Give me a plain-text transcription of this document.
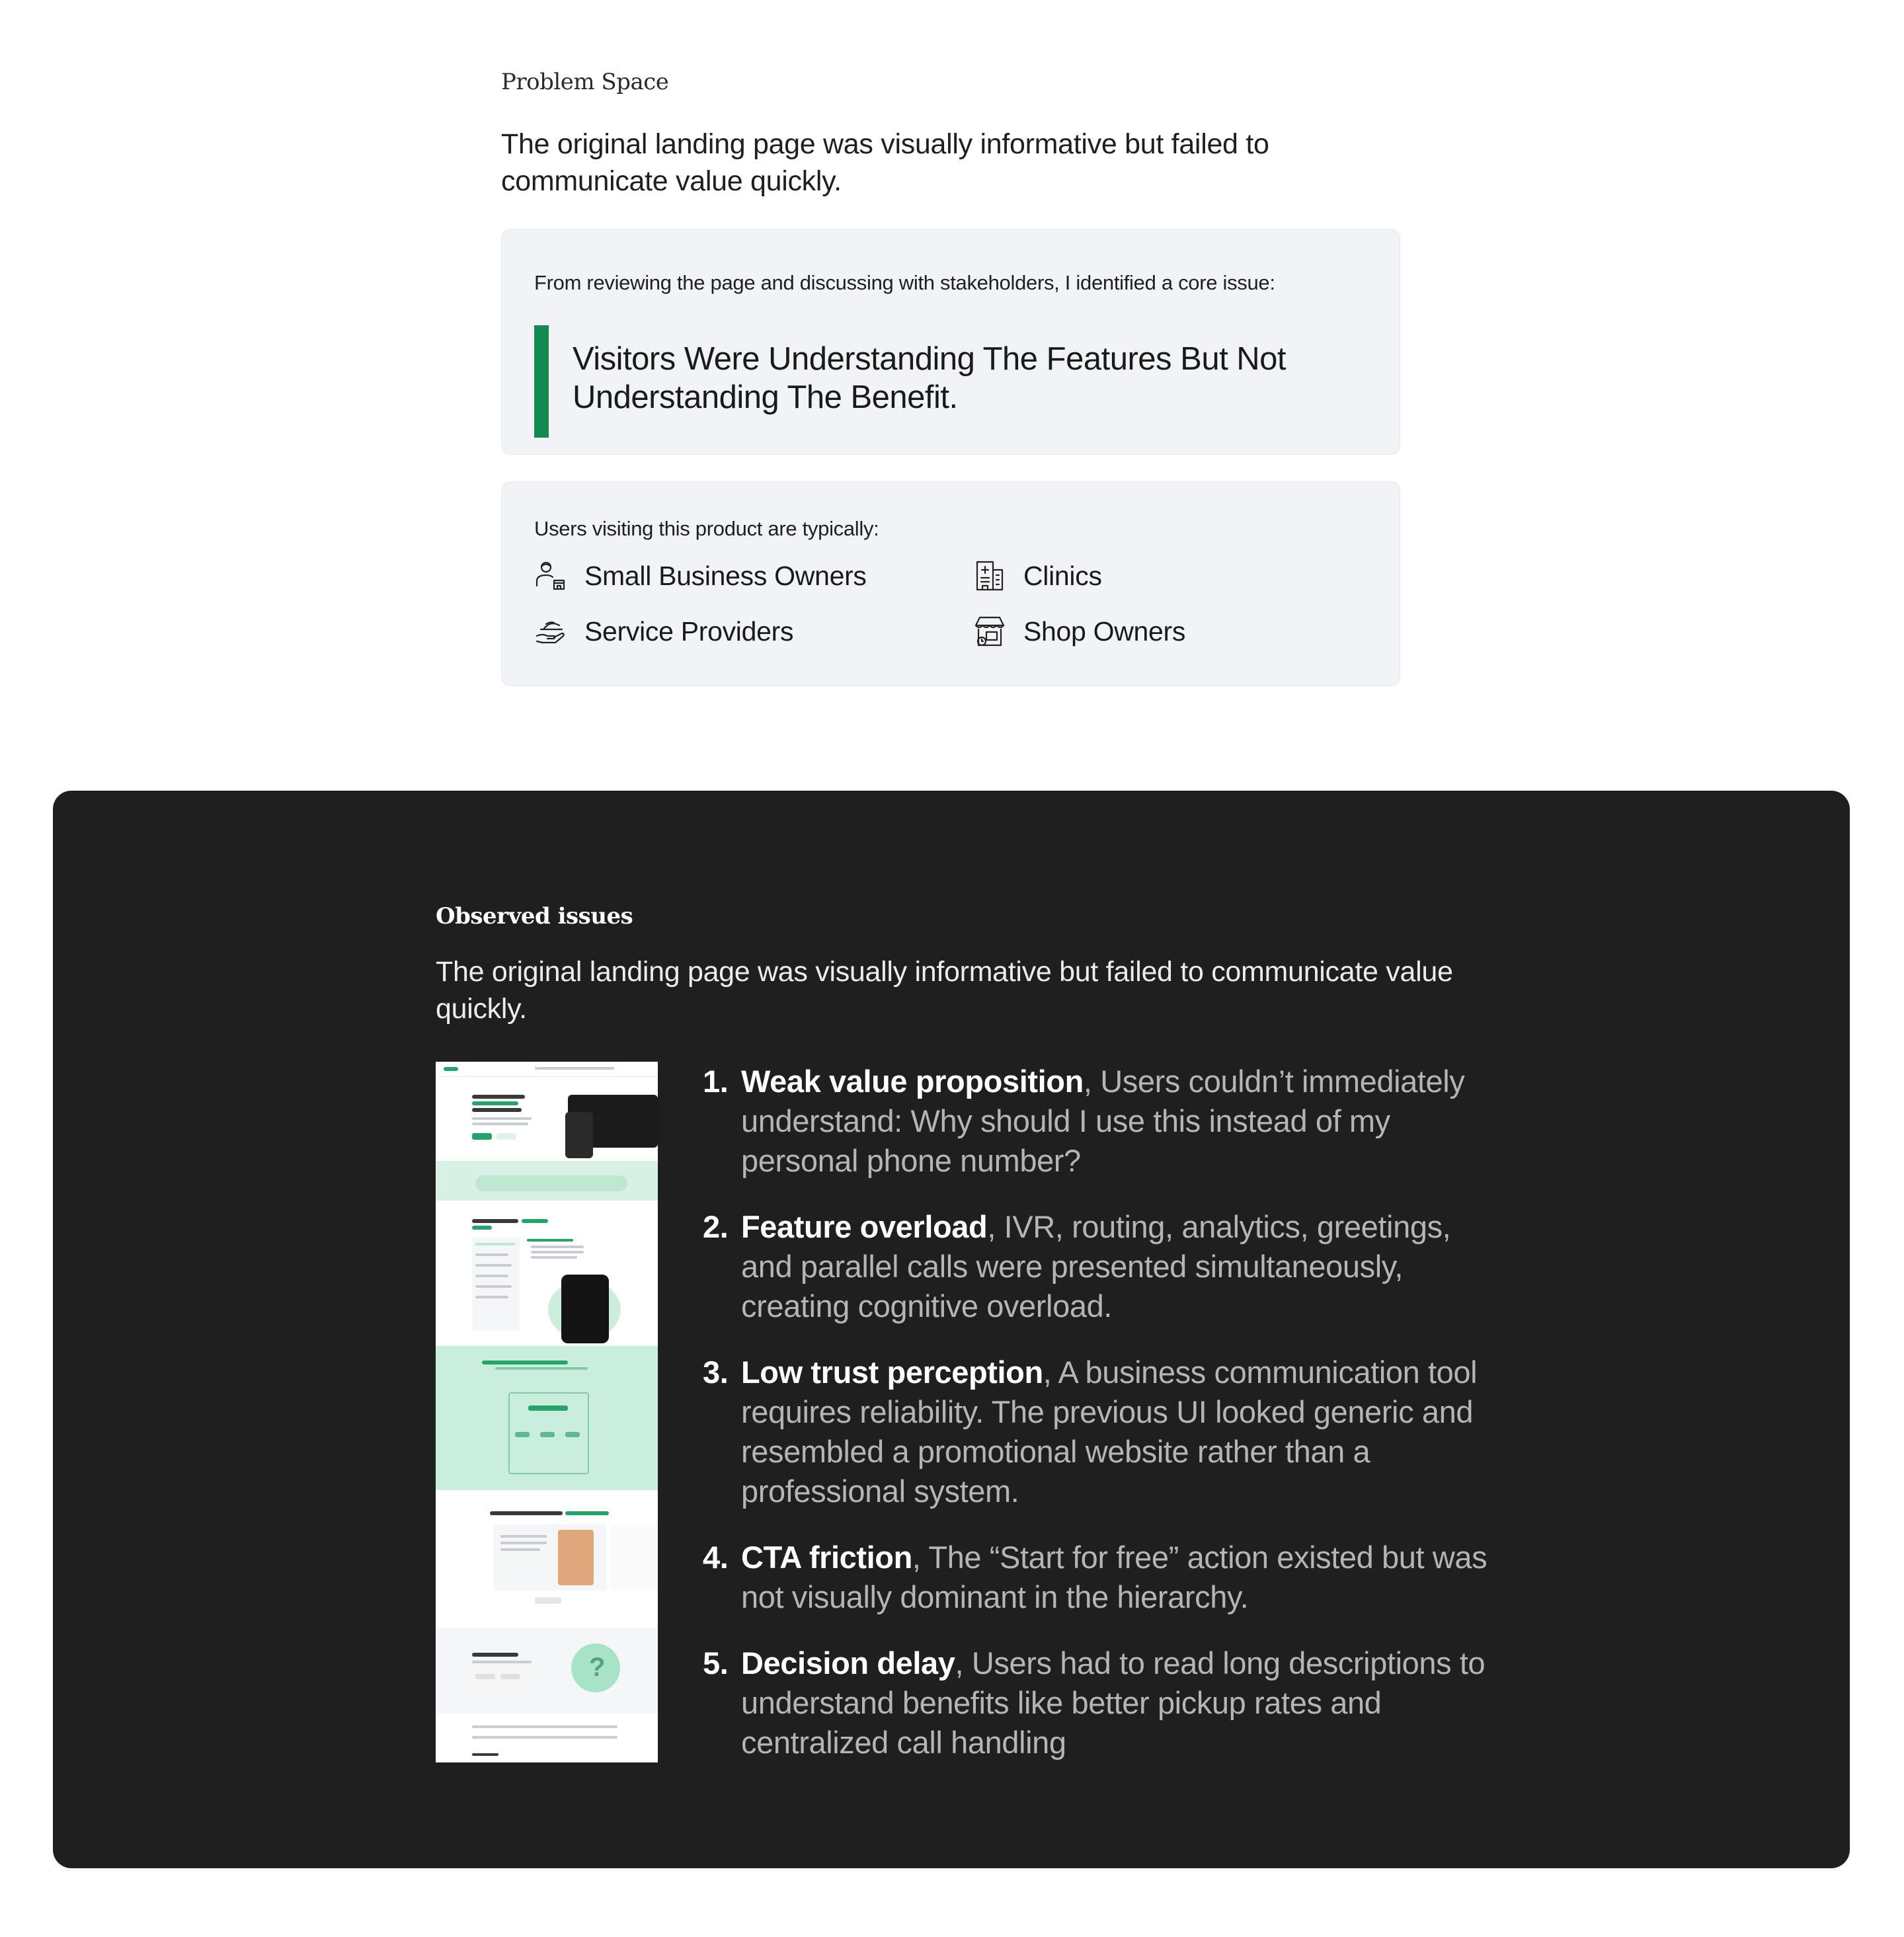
Problem Space

The original landing page was visually informative but failed to communicate value quickly.

From reviewing the page and discussing with stakeholders, I identified a core issue:

Visitors Were Understanding The Features But Not Understanding The Benefit.

Users visiting this product are typically:

Small Business Owners	Clinics
Service Providers	Shop Owners

Observed issues

The original landing page was visually informative but failed to communicate value quickly.

?
1. Weak value proposition, Users couldn’t immediately understand: Why should I use this instead of my personal phone number?
2. Feature overload, IVR, routing, analytics, greetings, and parallel calls were presented simultaneously, creating cognitive overload.
3. Low trust perception, A business communication tool requires reliability. The previous UI looked generic and resembled a promotional website rather than a professional system.
4. CTA friction, The “Start for free” action existed but was not visually dominant in the hierarchy.
5. Decision delay, Users had to read long descriptions to understand benefits like better pickup rates and centralized call handling
